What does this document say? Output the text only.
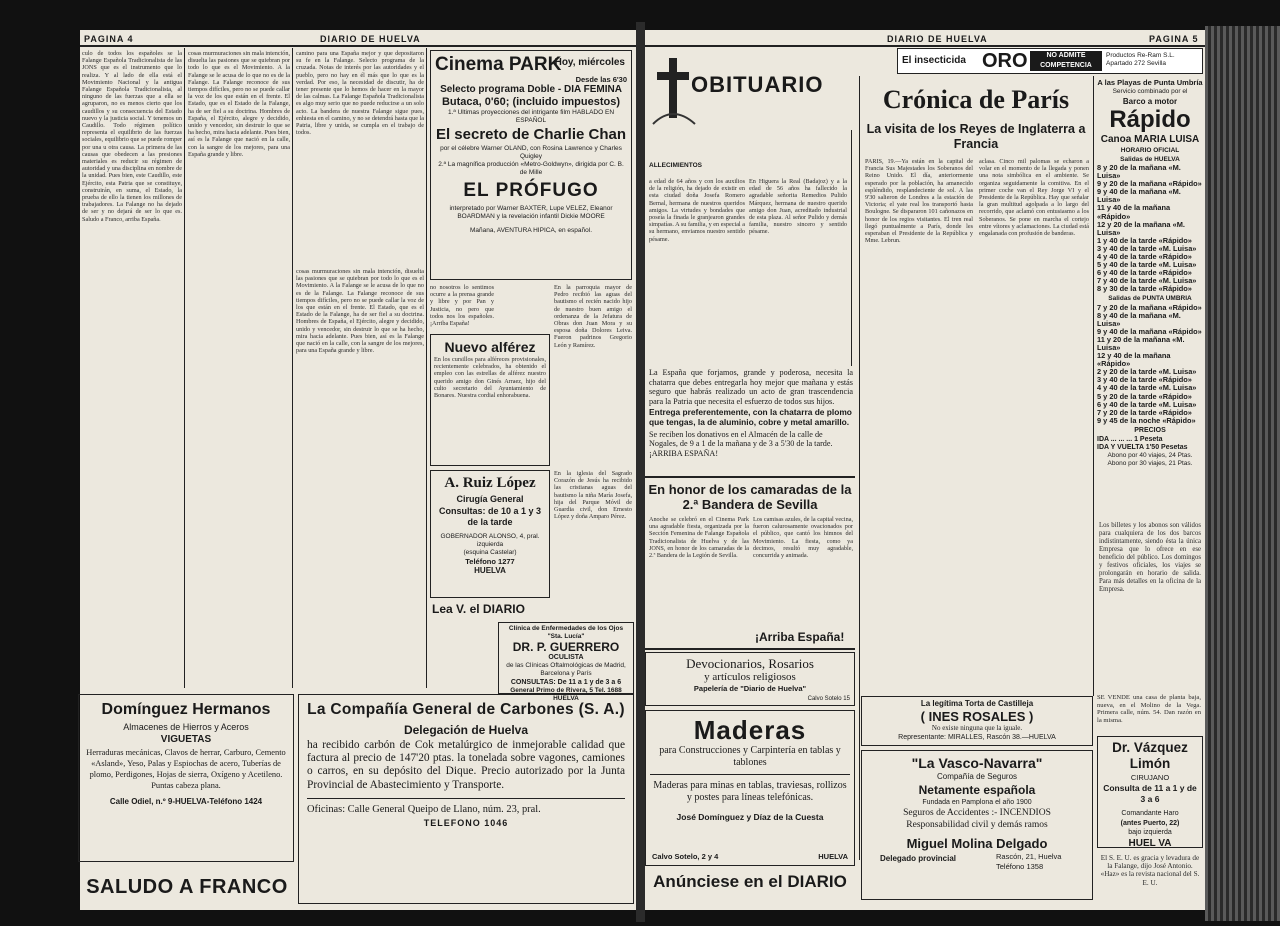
PAGINA 4	DIARIO DE HUELVA
culo de todos los españoles se la Falange Española Tradicionalista de las JONS que es el instrumento que lo realiza. Y al lado de ella está el Movimiento Nacional y la antigua Falange Española Tradicionalista, al ninguno de las fuerzas que a ella se agruparon, no es menos cierto que los caudillos y su consecuencia del Estado nuevo y la justicia social. Y tenemos un Caudillo. Todo régimen político representa el equilibrio de las fuerzas sociales, equilibrio que se puede romper por una u otra causa. La primera de las causas que obedecen a las presiones materiales es reducir su régimen de autoridad y una disciplina en nombre de la unidad. Pues bien, este Caudillo, este Ejército, esta Patria que se constituye, construirán, en suma, el Estado, la prueba de ello la tienen los millones de trabajadores. La Falange no ha dejado de ser y no dejará de ser lo que es. Saludo a Franco, arriba España.
cosas murmuraciones sin mala intención, disuelta las pasiones que se quiebran por todo lo que es el Movimiento. A la Falange se le acusa de lo que no es de la Falange. La Falange reconoce de sus tiempos difíciles, pero no se puede callar la voz de los que están en el frente. El Estado, que es el Estado de la Falange, ha de ser fiel a su doctrina. Hombres de España, el Ejército, alegre y decidido, unido y vencedor, sin destruir lo que se ha hecho, mira hacia adelante. Pues bien, así es la Falange que nació en la calle, con la sangre de los mejores, para una España grande y libre.
camino para una España mejor y que depositaron su fe en la Falange. Selecto programa de la cruzada. Notas de interés por las autoridades y el pueblo, pero no hay en él más que lo que es la verdad. Por eso, la necesidad de discutir, ha de tener presente que lo hemos de hacer en la mayor de las calmas. La Falange Española Tradicionalista es algo muy serio que no puede reducirse a un solo acto. La bandera de nuestra Falange sigue pues, enhiesta en el camino, y no se detendrá hasta que la Patria, libre y unida, se cumpla en el trabajo de todos.
cosas murmuraciones sin mala intención, disuelta las pasiones que se quiebran por todo lo que es el Movimiento. A la Falange se le acusa de lo que no es de la Falange. La Falange reconoce de sus tiempos difíciles, pero no se puede callar la voz de los que están en el frente. El Estado, que es el Estado de la Falange, ha de ser fiel a su doctrina. Hombres de España, el Ejército, alegre y decidido, unido y vencedor, sin destruir lo que se ha hecho, mira hacia adelante. Pues bien, así es la Falange que nació en la calle, con la sangre de los mejores, para una España grande y libre.
Cinema PARK
Hoy, miércoles
Desde las 6'30
Selecto programa Doble - DIA FEMINA
Butaca, 0'60; (incluido impuestos)
1.ª Ultimas proyecciones del intrigante film HABLADO EN ESPAÑOL
El secreto de Charlie Chan
por el célebre Warner OLAND, con Rosina Lawrence y Charles Quigley
2.ª La magnífica producción «Metro-Goldwyn», dirigida por C. B. de Mille
EL PRÓFUGO
interpretado por Warner BAXTER, Lupe VELEZ, Eleanor BOARDMAN y la revelación infantil Dickie MOORE
Mañana, AVENTURA HIPICA, en español.
no nosotros lo sentimos ocurre a la prensa grande y libre y por Pan y Justicia, no pero que todos nos los españoles. ¡Arriba España!
Nuevo alférez
En los cursillos para alféreces provisionales, recientemente celebrados, ha obtenido el empleo con las estrellas de alférez nuestro querido amigo don Ginés Arraez, hijo del culto secretario del Ayuntamiento de Bonares. Nuestra cordial enhorabuena.
En la parroquia mayor de Pedro recibió las aguas del bautismo el recién nacido hijo de nuestro buen amigo el ordenanza de la Jefatura de Obras don Juan Mora y su esposa doña Dolores Leiva. Fueron padrinos Gregorio León y Ramírez.
A. Ruiz López
Cirugía General
Consultas: de 10 a 1 y 3 de la tarde
GOBERNADOR ALONSO, 4, pral. izquierda
(esquina Castelar)
Teléfono 1277
HUELVA
En la iglesia del Sagrado Corazón de Jesús ha recibido las cristianas aguas del bautismo la niña María Josefa, hija del Parque Móvil de Guardia civil, don Ernesto López y doña Amparo Pérez.
Lea V. el DIARIO
Clínica de Enfermedades de los Ojos "Sta. Lucía"
DR. P. GUERRERO
OCULISTA
de las Clínicas Oftalmológicas de Madrid, Barcelona y París
CONSULTAS: De 11 a 1 y de 3 a 6
General Primo de Rivera, 5 Tel. 1688 HUELVA
Domínguez Hermanos
Almacenes de Hierros y Aceros
VIGUETAS
Herraduras mecánicas, Clavos de herrar, Carburo, Cemento «Asland», Yeso, Palas y Espiochas de acero, Tuberías de plomo, Perdigones, Hojas de sierra, Oxígeno y Acetileno. Puntas cabeza plana.
Calle Odiel, n.º 9-HUELVA-Teléfono 1424
SALUDO A FRANCO
La Compañía General de Carbones (S. A.)
Delegación de Huelva
ha recibido carbón de Cok metalúrgico de inmejorable calidad que factura al precio de 147'20 ptas. la tonelada sobre vagones, camiones o carros, en su depósito del Dique. Precio autorizado por la Junta Provincial de Abastecimiento y Transporte.
Oficinas: Calle General Queipo de Llano, núm. 23, pral.
TELEFONO 1046
DIARIO DE HUELVA	PAGINA 5
El insecticida ORO	NO ADMITE
COMPETENCIA
Productos Re-Ram S.L. Apartado 272 Sevilla
OBITUARIO
ALLECIMIENTOS
a edad de 64 años y con los auxilios de la religión, ha dejado de existir en esta ciudad doña Josefa Romero Bernal, hermana de nuestros queridos amigos. La virtudes y bondades que poseía la finada le granjearon grandes simpatías. A su familia, y en especial a su hermano, enviamos nuestro sentido pésame.
En Higuera la Real (Badajoz) y a la edad de 56 años ha fallecido la agradable señorita Remedios Pulido Márquez, hermana de nuestro querido amigo don Juan, acreditado industrial de esta plaza. Al señor Pulido y demás familia, nuestro sincero y sentido pésame.
La España que forjamos, grande y poderosa, necesita la chatarra que debes entregarla hoy mejor que mañana y estás seguro que habrás realizado un acto de gran trascendencia para la Patria que necesita el esfuerzo de todos sus hijos.
Entrega preferentemente, con la chatarra de plomo que tengas, la de aluminio, cobre y metal amarillo.
Se reciben los donativos en el Almacén de la calle de Nogales, de 9 a 1 de la mañana y de 3 a 5'30 de la tarde. ¡ARRIBA ESPAÑA!
En honor de los camaradas de la 2.ª Bandera de Sevilla
Anoche se celebró en el Cinema Park una agradable fiesta, organizada por la Sección Femenina de Falange Española Tradicionalista de Huelva y de las JONS, en honor de los camaradas de la 2.ª Bandera de la Legión de Sevilla.
Los camisas azules, de la capital vecina, fueron calurosamente ovacionados por el público, que cantó los himnos del Movimiento. La fiesta, como ya decimos, resultó muy agradable, concurrida y animada.
¡Arriba España!
Devocionarios, Rosarios
y artículos religiosos
Papelería de "Diario de Huelva"
Calvo Sotelo 15
Maderas
para Construcciones y Carpintería en tablas y tablones
Maderas para minas en tablas, traviesas, rollizos y postes para líneas telefónicas.
José Domínguez y Díaz de la Cuesta
Calvo Sotelo, 2 y 4	HUELVA
Anúnciese en el DIARIO
Crónica de París
La visita de los Reyes de Inglaterra a Francia
PARIS, 19.—Ya están en la capital de Francia Sus Majestades los Soberanos del Reino Unido. El día, anteriormente esperado por la población, ha amanecido espléndido, resplandeciente de sol. A las 9'30 salieron de Londres a la estación de Victoria; el yate real los transportó hasta Boulogne. Se dispararon 101 cañonazos en honor de los regios visitantes. El tren real llegó puntualmente a París, donde les esperaban el Presidente de la República y Mme. Lebrun.
aclasa. Cinco mil palomas se echaron a volar en el momento de la llegada y ponen una nota simbólica en el ambiente. Se organiza seguidamente la comitiva. En el primer coche van el Rey Jorge VI y el Presidente de la República. Hay que señalar la gran multitud agolpada a lo largo del recorrido, que aclamó con entusiasmo a los Soberanos. Se pone en marcha el cortejo entre vítores y aclamaciones. La ciudad está engalanada con profusión de banderas.
A las Playas de Punta Umbría
Servicio combinado por el
Barco a motor
Rápido
Canoa MARIA LUISA
HORARIO OFICIAL
Salidas de HUELVA
8 y 20 de la mañana «M. Luisa»
9 y 20 de la mañana «Rápido»
9 y 40 de la mañana «M. Luisa»
11 y 40 de la mañana «Rápido»
12 y 20 de la mañana «M. Luisa»
1 y 40 de la tarde «Rápido»
3 y 40 de la tarde «M. Luisa»
4 y 40 de la tarde «Rápido»
5 y 40 de la tarde «M. Luisa»
6 y 40 de la tarde «Rápido»
7 y 40 de la tarde «M. Luisa»
8 y 30 de la tarde «Rápido»
Salidas de PUNTA UMBRIA
7 y 20 de la mañana «Rápido»
8 y 40 de la mañana «M. Luisa»
9 y 40 de la mañana «Rápido»
11 y 20 de la mañana «M. Luisa»
12 y 40 de la mañana «Rápido»
2 y 20 de la tarde «M. Luisa»
3 y 40 de la tarde «Rápido»
4 y 40 de la tarde «M. Luisa»
5 y 20 de la tarde «Rápido»
6 y 40 de la tarde «M. Luisa»
7 y 20 de la tarde «Rápido»
9 y 45 de la noche «Rápido»
PRECIOS
IDA ... ... ... 1 Peseta
IDA Y VUELTA 1'50 Pesetas
Abono por 40 viajes, 24 Ptas.
Abono por 30 viajes, 21 Ptas.
Los billetes y los abonos son válidos para cualquiera de los dos barcos indistintamente, siendo ésta la única Empresa que lo ofrece en ese beneficio del público. Los domingos y festivos oficiales, los viajes se prolongarán en horario de salida. Para más detalles en la oficina de la Empresa.
La legítima Torta de Castilleja
( INES ROSALES )
No existe ninguna que la iguale.
Representante: MIRALLES, Rascón 38.—HUELVA
"La Vasco-Navarra"
Compañía de Seguros
Netamente española
Fundada en Pamplona el año 1900
Seguros de Accidentes :- INCENDIOS
Responsabilidad civil y demás ramos
Miguel Molina Delgado
Delegado provincial	Rascón, 21, Huelva
Teléfono 1358
SE VENDE una casa de planta baja, nueva, en el Molino de la Vega. Primera calle, núm. 54. Dan razón en la misma.
Dr. Vázquez Limón
CIRUJANO
Consulta de 11 a 1 y de 3 a 6
Comandante Haro
(antes Puerto, 22)
bajo izquierda
HUEL VA
El S. E. U. es gracia y levadura de la Falange, dijo José Antonio. «Haz» es la revista nacional del S. E. U.
